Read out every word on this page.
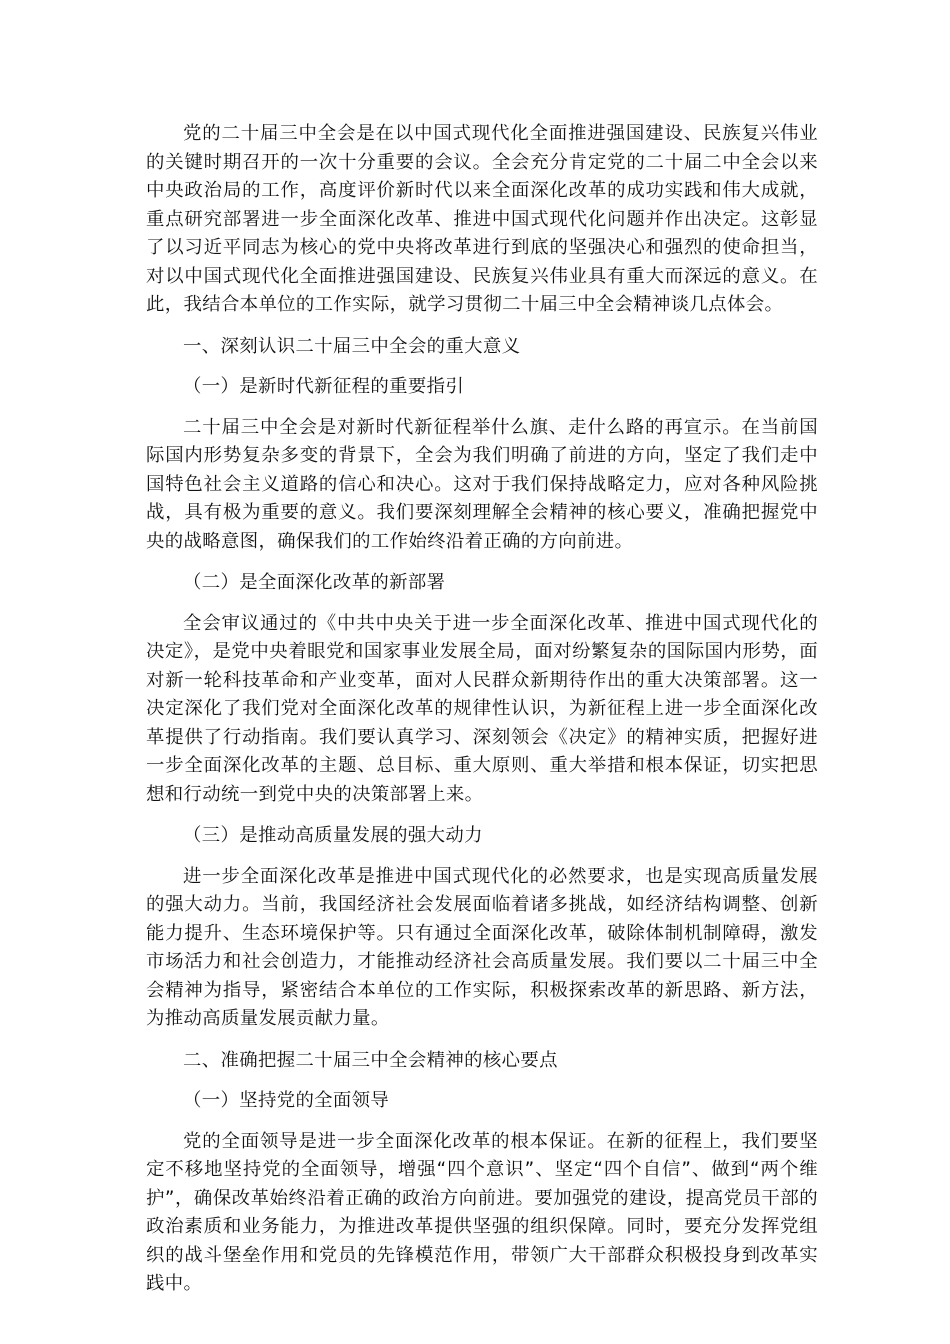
党的二十届三中全会是在以中国式现代化全面推进强国建设、民族复兴伟业的关键时期召开的一次十分重要的会议。全会充分肯定党的二十届二中全会以来中央政治局的工作，高度评价新时代以来全面深化改革的成功实践和伟大成就，重点研究部署进一步全面深化改革、推进中国式现代化问题并作出决定。这彰显了以习近平同志为核心的党中央将改革进行到底的坚强决心和强烈的使命担当，对以中国式现代化全面推进强国建设、民族复兴伟业具有重大而深远的意义。在此，我结合本单位的工作实际，就学习贯彻二十届三中全会精神谈几点体会。

一、深刻认识二十届三中全会的重大意义

（一）是新时代新征程的重要指引

二十届三中全会是对新时代新征程举什么旗、走什么路的再宣示。在当前国际国内形势复杂多变的背景下，全会为我们明确了前进的方向，坚定了我们走中国特色社会主义道路的信心和决心。这对于我们保持战略定力，应对各种风险挑战，具有极为重要的意义。我们要深刻理解全会精神的核心要义，准确把握党中央的战略意图，确保我们的工作始终沿着正确的方向前进。

（二）是全面深化改革的新部署

全会审议通过的《中共中央关于进一步全面深化改革、推进中国式现代化的决定》，是党中央着眼党和国家事业发展全局，面对纷繁复杂的国际国内形势，面对新一轮科技革命和产业变革，面对人民群众新期待作出的重大决策部署。这一决定深化了我们党对全面深化改革的规律性认识，为新征程上进一步全面深化改革提供了行动指南。我们要认真学习、深刻领会《决定》的精神实质，把握好进一步全面深化改革的主题、总目标、重大原则、重大举措和根本保证，切实把思想和行动统一到党中央的决策部署上来。

（三）是推动高质量发展的强大动力

进一步全面深化改革是推进中国式现代化的必然要求，也是实现高质量发展的强大动力。当前，我国经济社会发展面临着诸多挑战，如经济结构调整、创新能力提升、生态环境保护等。只有通过全面深化改革，破除体制机制障碍，激发市场活力和社会创造力，才能推动经济社会高质量发展。我们要以二十届三中全会精神为指导，紧密结合本单位的工作实际，积极探索改革的新思路、新方法，为推动高质量发展贡献力量。

二、准确把握二十届三中全会精神的核心要点

（一）坚持党的全面领导

党的全面领导是进一步全面深化改革的根本保证。在新的征程上，我们要坚定不移地坚持党的全面领导，增强“四个意识”、坚定“四个自信”、做到“两个维护”，确保改革始终沿着正确的政治方向前进。要加强党的建设，提高党员干部的政治素质和业务能力，为推进改革提供坚强的组织保障。同时，要充分发挥党组织的战斗堡垒作用和党员的先锋模范作用，带领广大干部群众积极投身到改革实践中。
